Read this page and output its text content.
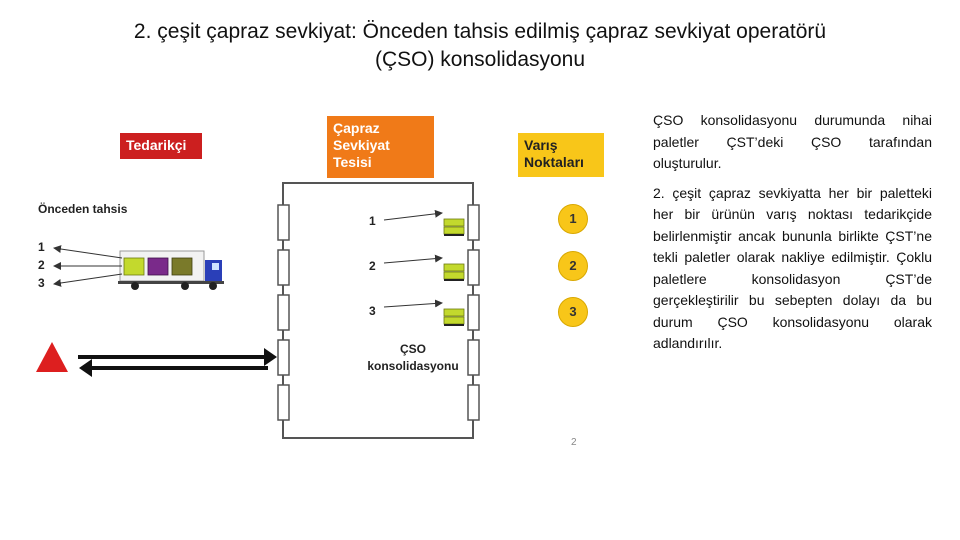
2. çeşit çapraz sevkiyat: Önceden tahsis edilmiş çapraz sevkiyat operatörü
(ÇSO) konsolidasyonu
Tedarikçi
Çapraz
Sevkiyat
Tesisi
Varış
Noktaları
Önceden tahsis
1
2
3
1
2
3
ÇSO
konsolidasyonu
1
2
3
2

ÇSO konsolidasyonu durumunda nihai paletler ÇST’deki ÇSO tarafından oluşturulur.

2. çeşit çapraz sevkiyatta her bir paletteki her bir ürünün varış noktası tedarikçide belirlenmiştir ancak bununla birlikte ÇST’ne tekli paletler olarak nakliye edilmiştir. Çoklu paletlere konsolidasyon ÇST’de gerçekleştirilir bu sebepten dolayı da bu durum ÇSO konsolidasyonu olarak adlandırılır.
